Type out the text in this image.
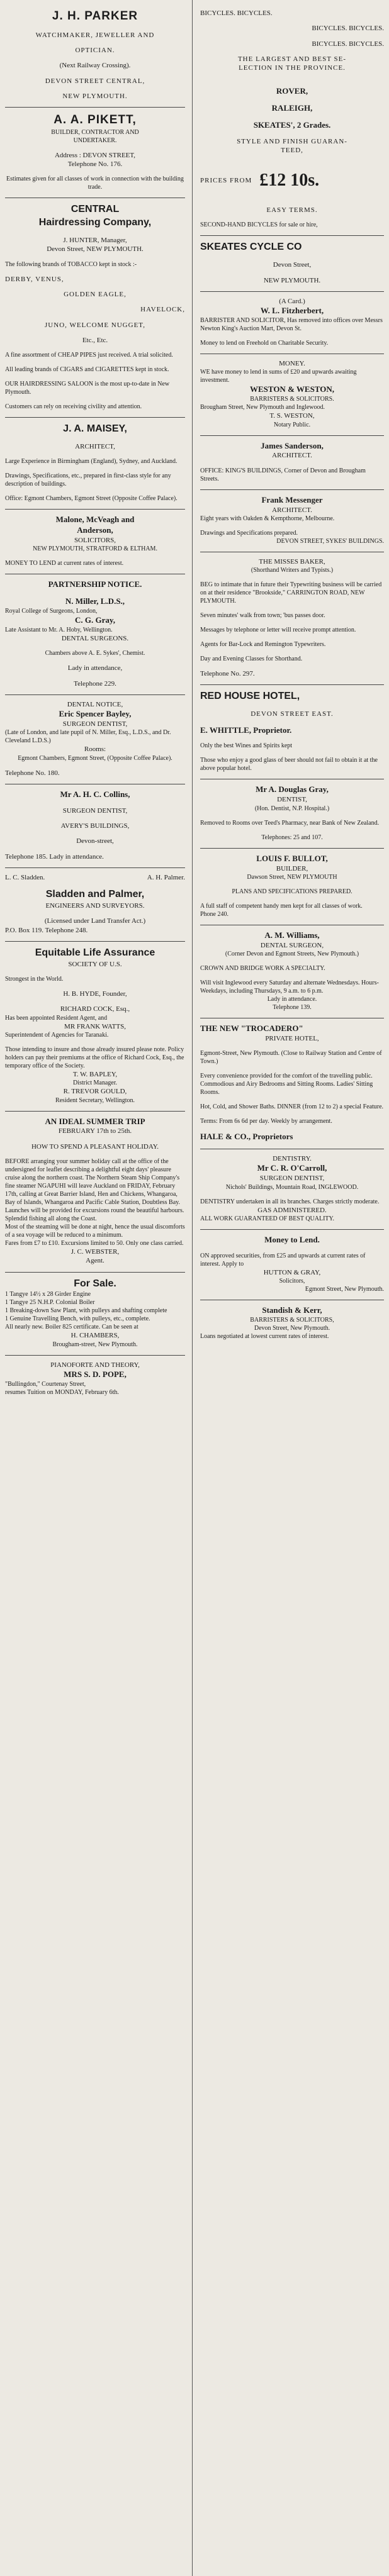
J. H. PARKER
WATCHMAKER, JEWELLER AND
OPTICIAN.
(Next Railway Crossing).
DEVON STREET CENTRAL,
NEW PLYMOUTH.
A. A. PIKETT,
BUILDER, CONTRACTOR AND
UNDERTAKER.
Address : DEVON STREET,
Telephone No. 176.
Estimates given for all classes of work in connection with the building trade.
CENTRAL
Hairdressing Company,
J. HUNTER, Manager,
Devon Street, NEW PLYMOUTH.
The following brands of TOBACCO kept in stock :-
DERBY, VENUS,
GOLDEN EAGLE,
HAVELOCK,
JUNO, WELCOME NUGGET,
Etc., Etc.
A fine assortment of CHEAP PIPES just received. A trial solicited.
All leading brands of CIGARS and CIGARETTES kept in stock.
OUR HAIRDRESSING SALOON is the most up-to-date in New Plymouth.
Customers can rely on receiving civility and attention.
J. A. MAISEY,
ARCHITECT,
Large Experience in Birmingham (England), Sydney, and Auckland.
Drawings, Specifications, etc., prepared in first-class style for any description of buildings.
Office: Egmont Chambers, Egmont Street (Opposite Coffee Palace).
Malone, McVeagh and
Anderson,
SOLICITORS,
NEW PLYMOUTH, STRATFORD & ELTHAM.
MONEY TO LEND at current rates of interest.
PARTNERSHIP NOTICE.
N. Miller, L.D.S.,
Royal College of Surgeons, London,
C. G. Gray,
Late Assistant to Mr. A. Hoby, Wellington.
DENTAL SURGEONS.
Chambers above A. E. Sykes', Chemist.
Lady in attendance,
Telephone 229.
DENTAL NOTICE,
Eric Spencer Bayley,
SURGEON DENTIST,
(Late of London, and late pupil of N. Miller, Esq., L.D.S., and Dr. Cleveland L.D.S.)
Rooms:
Egmont Chambers, Egmont Street, (Opposite Coffee Palace).
Telephone No. 180.
Mr A. H. C. Collins,
SURGEON DENTIST,
AVERY'S BUILDINGS,
Devon-street,
Telephone 185. Lady in attendance.
L. C. Sladden.	A. H. Palmer.
Sladden and Palmer,
ENGINEERS AND SURVEYORS.
(Licensed under Land Transfer Act.)
P.O. Box 119. Telephone 248.
Equitable Life Assurance
SOCIETY OF U.S.
Strongest in the World.
H. B. HYDE, Founder,
RICHARD COCK, Esq.,
Has been appointed Resident Agent, and
MR FRANK WATTS,
Superintendent of Agencies for Taranaki.
Those intending to insure and those already insured please note. Policy holders can pay their premiums at the office of Richard Cock, Esq., the temporary office of the Society.
T. W. BAPLEY,
District Manager.
R. TREVOR GOULD,
Resident Secretary, Wellington.
AN IDEAL SUMMER TRIP
FEBRUARY 17th to 25th.
HOW TO SPEND A PLEASANT HOLIDAY.
BEFORE arranging your summer holiday call at the office of the undersigned for leaflet describing a delightful eight days' pleasure cruise along the northern coast. The Northern Steam Ship Company's fine steamer NGAPUHI will leave Auckland on FRIDAY, February 17th, calling at Great Barrier Island, Hen and Chickens, Whangaroa, Bay of Islands, Whangaroa and Pacific Cable Station, Doubtless Bay.
Launches will be provided for excursions round the beautiful harbours.
Splendid fishing all along the Coast.
Most of the steaming will be done at night, hence the usual discomforts of a sea voyage will be reduced to a minimum.
Fares from £7 to £10. Excursions limited to 50. Only one class carried.
J. C. WEBSTER,
Agent.
For Sale.
1 Tangye 14½ x 28 Girder Engine
1 Tangye 25 N.H.P. Colonial Boiler
1 Breaking-down Saw Plant, with pulleys and shafting complete
1 Genuine Travelling Bench, with pulleys, etc., complete.
All nearly new. Boiler 825 certificate. Can be seen at
H. CHAMBERS,
Brougham-street, New Plymouth.
PIANOFORTE AND THEORY,
MRS S. D. POPE,
"Bullingdon," Courtenay Street,
resumes Tuition on MONDAY, February 6th.
BICYCLES. BICYCLES.
BICYCLES. BICYCLES.
BICYCLES. BICYCLES.
THE LARGEST AND BEST SE-
LECTION IN THE PROVINCE.
ROVER,
RALEIGH,
SKEATES', 2 Grades.
STYLE AND FINISH GUARAN-
TEED,
PRICES FROM £12 10s.
EASY TERMS.
SECOND-HAND BICYCLES for sale or hire,
SKEATES CYCLE CO
Devon Street,
NEW PLYMOUTH.
(A Card.)
W. L. Fitzherbert,
BARRISTER AND SOLICITOR, Has removed into offices over Messrs Newton King's Auction Mart, Devon St.
Money to lend on Freehold on Charitable Security.
MONEY.
WE have money to lend in sums of £20 and upwards awaiting investment.
WESTON & WESTON,
BARRISTERS & SOLICITORS.
Brougham Street, New Plymouth and Inglewood.
T. S. WESTON,
Notary Public.
James Sanderson,
ARCHITECT.
OFFICE: KING'S BUILDINGS, Corner of Devon and Brougham Streets.
Frank Messenger
ARCHITECT.
Eight years with Oakden & Kempthorne, Melbourne.
Drawings and Specifications prepared.
DEVON STREET, SYKES' BUILDINGS.
THE MISSES BAKER,
(Shorthand Writers and Typists.)
BEG to intimate that in future their Typewriting business will be carried on at their residence "Brookside," CARRINGTON ROAD, NEW PLYMOUTH.
Seven minutes' walk from town; 'bus passes door.
Messages by telephone or letter will receive prompt attention.
Agents for Bar-Lock and Remington Typewriters.
Day and Evening Classes for Shorthand.
Telephone No. 297.
RED HOUSE HOTEL,
DEVON STREET EAST.
E. WHITTLE, Proprietor.
Only the best Wines and Spirits kept
Those who enjoy a good glass of beer should not fail to obtain it at the above popular hotel.
Mr A. Douglas Gray,
DENTIST,
(Hon. Dentist, N.P. Hospital.)
Removed to Rooms over Teed's Pharmacy, near Bank of New Zealand.
Telephones: 25 and 107.
LOUIS F. BULLOT,
BUILDER,
Dawson Street, NEW PLYMOUTH
PLANS AND SPECIFICATIONS PREPARED.
A full staff of competent handy men kept for all classes of work.
Phone 240.
A. M. Williams,
DENTAL SURGEON,
(Corner Devon and Egmont Streets, New Plymouth.)
CROWN AND BRIDGE WORK A SPECIALTY.
Will visit Inglewood every Saturday and alternate Wednesdays. Hours-Weekdays, including Thursdays, 9 a.m. to 6 p.m.
Lady in attendance.
Telephone 139.
THE NEW "TROCADERO"
PRIVATE HOTEL,
Egmont-Street, New Plymouth. (Close to Railway Station and Centre of Town.)
Every convenience provided for the comfort of the travelling public. Commodious and Airy Bedrooms and Sitting Rooms. Ladies' Sitting Rooms.
Hot, Cold, and Shower Baths. DINNER (from 12 to 2) a special Feature.
Terms: From 6s 6d per day. Weekly by arrangement.
HALE & CO., Proprietors
DENTISTRY.
Mr C. R. O'Carroll,
SURGEON DENTIST,
Nichols' Buildings, Mountain Road, INGLEWOOD.
DENTISTRY undertaken in all its branches. Charges strictly moderate.
GAS ADMINISTERED.
ALL WORK GUARANTEED OF BEST QUALITY.
Money to Lend.
ON approved securities, from £25 and upwards at current rates of interest. Apply to
HUTTON & GRAY,
Solicitors,
Egmont Street, New Plymouth.
Standish & Kerr,
BARRISTERS & SOLICITORS,
Devon Street, New Plymouth.
Loans negotiated at lowest current rates of interest.
